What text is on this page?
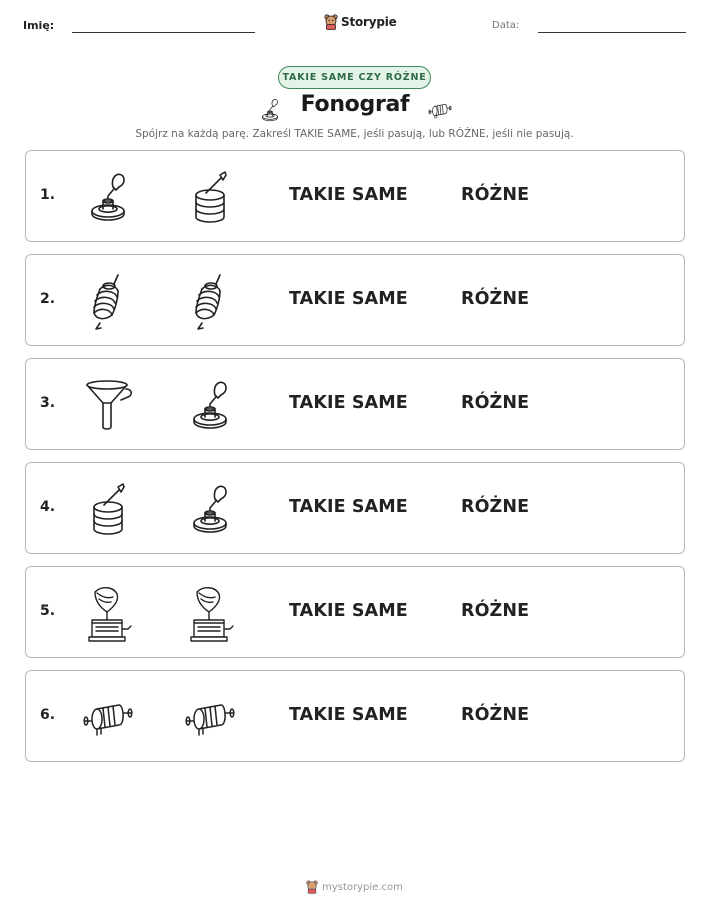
Imię:	Storypie	Data:
TAKIE SAME CZY RÓŻNE
Fonograf
Spójrz na każdą parę. Zakreśl TAKIE SAME, jeśli pasują, lub RÓŻNE, jeśli nie pasują.
1.	TAKIE SAME	RÓŻNE
2.	TAKIE SAME	RÓŻNE
3.	TAKIE SAME	RÓŻNE
4.	TAKIE SAME	RÓŻNE
5.	TAKIE SAME	RÓŻNE
6.	TAKIE SAME	RÓŻNE
mystorypie.com
